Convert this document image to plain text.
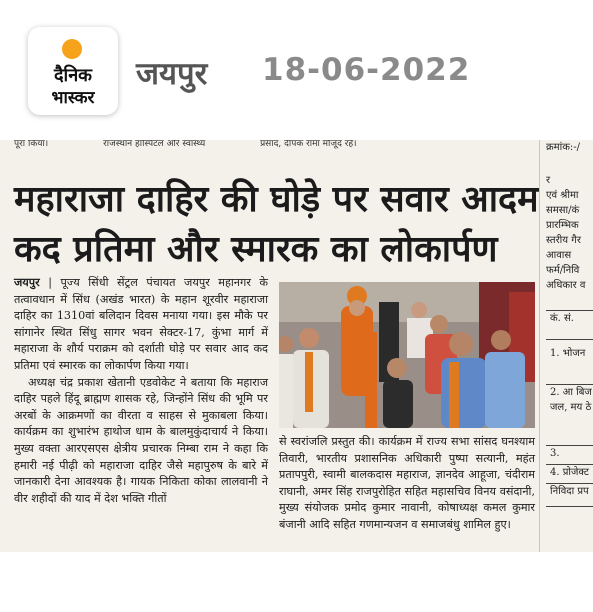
दैनिक
भास्कर
जयपुर 18-06-2022
पूरा किया।	राजस्थान हॉस्पिटल और स्वास्थ्य	प्रसाद, दीपक रामा मौजूद रहे।
महाराजा दाहिर की घोड़े पर सवार आदम
कद प्रतिमा और स्मारक का लोकार्पण

जयपुर | पूज्य सिंधी सेंट्रल पंचायत जयपुर महानगर के तत्वावधान में सिंध (अखंड भारत) के महान शूरवीर महाराजा दाहिर का 1310वां बलिदान दिवस मनाया गया। इस मौके पर सांगानेर स्थित सिंधु सागर भवन सेक्टर-17, कुंभा मार्ग में महाराजा के शौर्य पराक्रम को दर्शाती घोड़े पर सवार आद कद प्रतिमा एवं स्मारक का लोकार्पण किया गया।

अध्यक्ष चंद्र प्रकाश खेतानी एडवोकेट ने बताया कि महाराज दाहिर पहले हिंदू ब्राह्मण शासक रहे, जिन्होंने सिंध की भूमि पर अरबों के आक्रमणों का वीरता व साहस से मुकाबला किया। कार्यक्रम का शुभारंभ हाथोज धाम के बालमुकुंदाचार्य ने किया। मुख्य वक्ता आरएसएस क्षेत्रीय प्रचारक निम्बा राम ने कहा कि हमारी नई पीढ़ी को महाराजा दाहिर जैसे महापुरुष के बारे में जानकारी देना आवश्यक है। गायक निकिता कोका लालवानी ने वीर शहीदों की याद में देश भक्ति गीतों

से स्वरांजलि प्रस्तुत की। कार्यक्रम में राज्य सभा सांसद घनश्याम तिवारी, भारतीय प्रशासनिक अधिकारी पुष्पा सत्यानी, महंत प्रतापपुरी, स्वामी बालकदास महाराज, ज्ञानदेव आहूजा, चंदीराम राघानी, अमर सिंह राजपुरोहित सहित महासचिव विनय वसंदानी, मुख्य संयोजक प्रमोद कुमार नावानी, कोषाध्यक्ष कमल कुमार बंजानी आदि सहित गणमान्यजन व समाजबंधु शामिल हुए।

क्रमांक:-/
र
एवं श्रीमा
समसा/कं
प्रारम्भिक
स्तरीय गैर
आवास
फर्म/निवि
अधिकार व
कं. सं.
1. भोजन
2. आ बिज जल, मय ठे
3.
4. प्रोजेक्ट
निविदा प्रप
